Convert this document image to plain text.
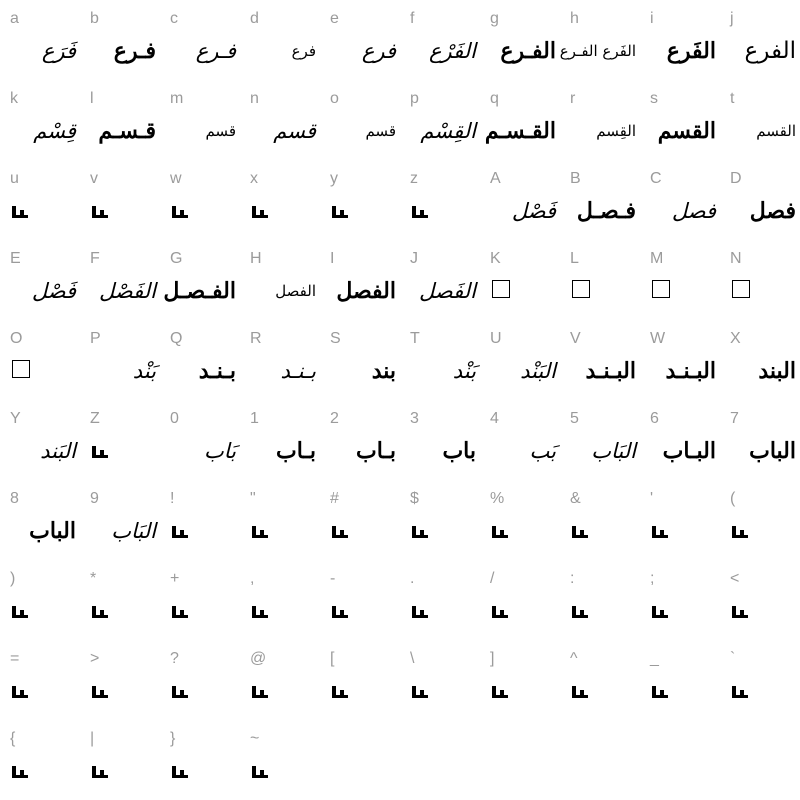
a
فَرَع
b
فـرع
c
فـرع
d
فرع
e
فرع
f
الفَرْع
g
الفـرع
h
الفَرع الفـرع
i
الفَرع
j
الفرع
k
قِسْم
l
قـسـم
m
قسم
n
قسم
o
قسم
p
القِسْم
q
القـسـم
r
القِسم
s
القسم
t
القسم
u	v	w	x	y	z	A
فَصْل
B
فـصـل
C
فصل
D
فصل
E
فَصْل
F
الفَصْل
G
الفـصـل
H
الفصل
I
الفصل
J
الفَصل
K	L	M	N
O	P
بَنْد
Q
بـنـد
R
بـنـد
S
بند
T
بَنْد
U
البَنْد
V
البـنـد
W
البـنـد
X
البند
Y
البَند
Z	0
بَاب
1
بـاب
2
بـاب
3
باب
4
بَب
5
البَاب
6
البـاب
7
الباب
8
الباب
9
البَاب
!	"	#	$	%	&	'	(
)	*	+	,	-	.	/	:	;	<
=	>	?	@	[	\	]	^	_	`
{	|	}	~
